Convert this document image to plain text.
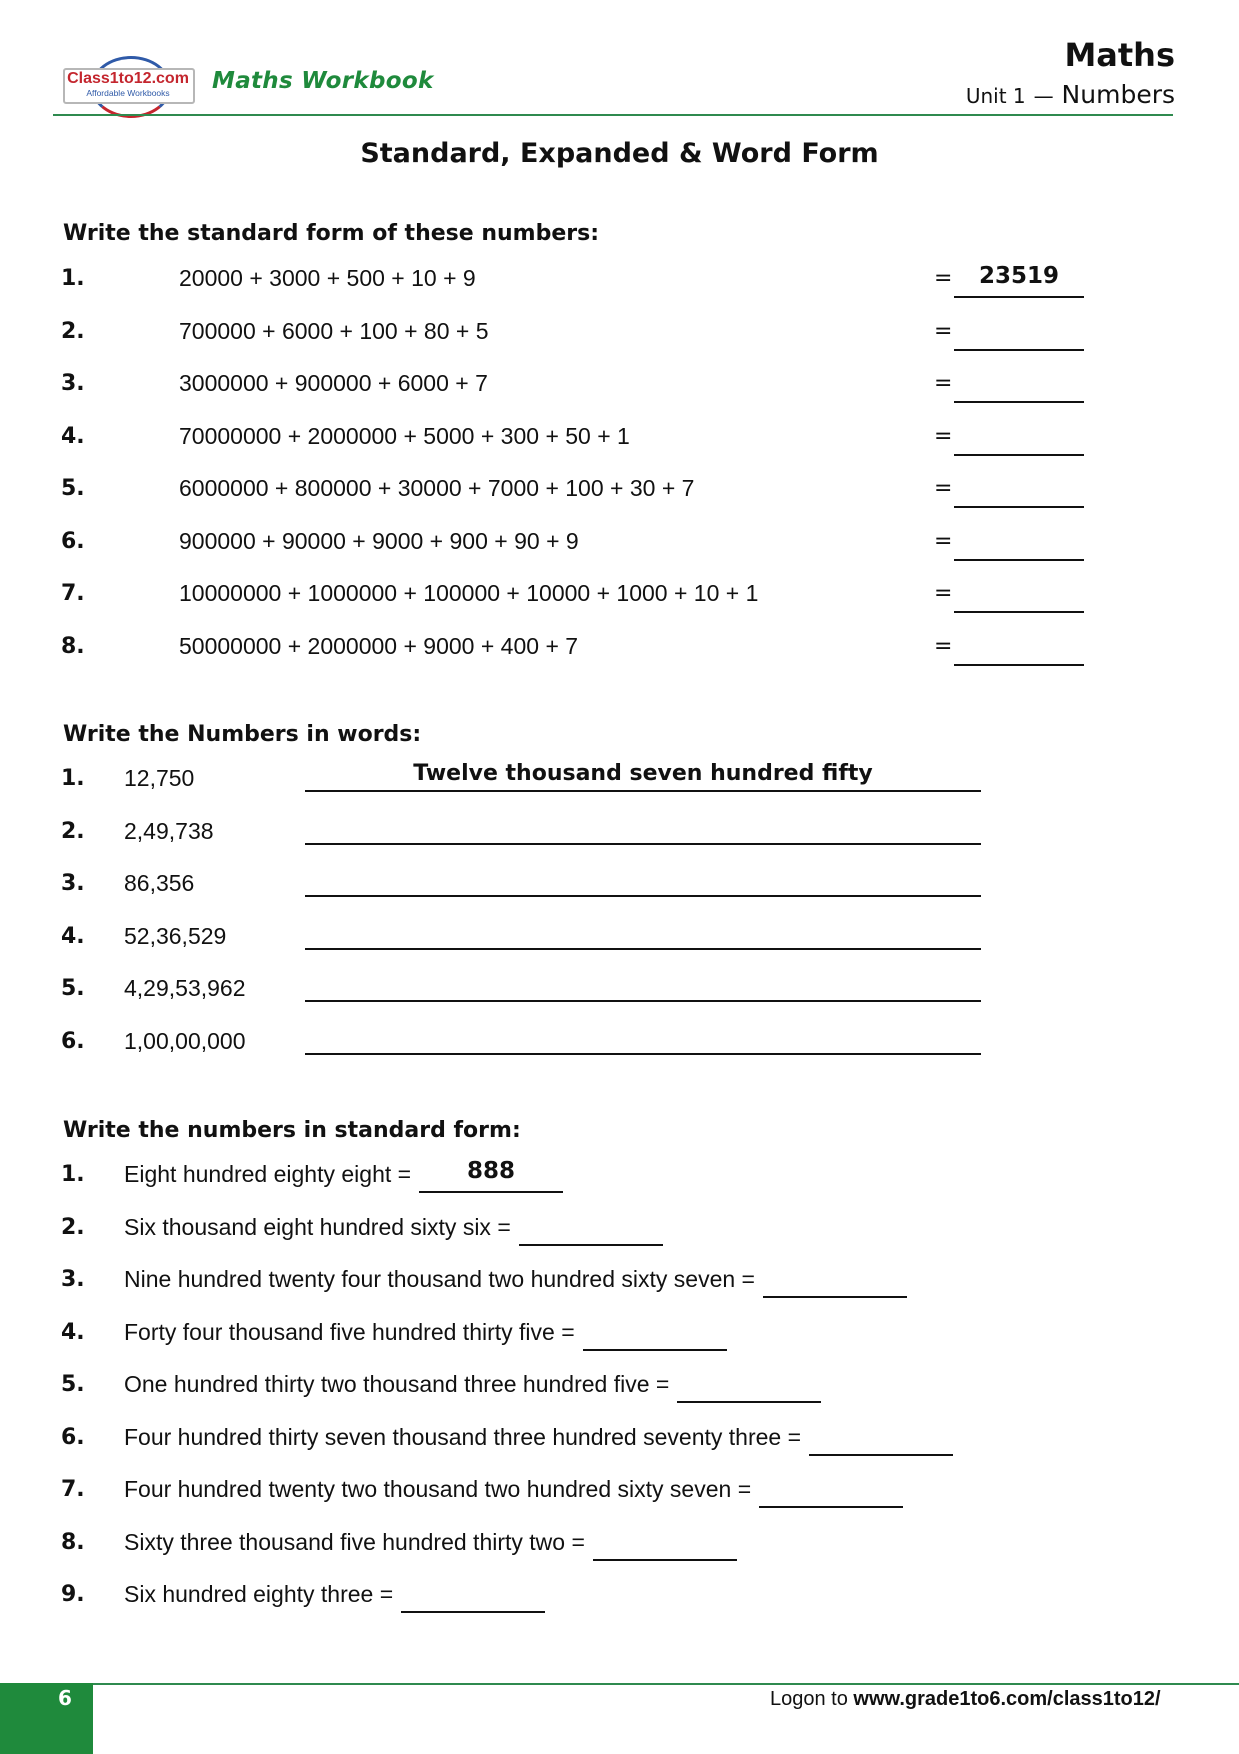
Class1to12.com
Affordable Workbooks	Maths Workbook
Maths
Unit 1 — Numbers
Standard, Expanded & Word Form
Write the standard form of these numbers:
1.	20000 + 3000 + 500 + 10 + 9	=	23519
2.	700000 + 6000 + 100 + 80 + 5	=
3.	3000000 + 900000 + 6000 + 7	=
4.	70000000 + 2000000 + 5000 + 300 + 50 + 1	=
5.	6000000 + 800000 + 30000 + 7000 + 100 + 30 + 7	=
6.	900000 + 90000 + 9000 + 900 + 90 + 9	=
7.	10000000 + 1000000 + 100000 + 10000 + 1000 + 10 + 1	=
8.	50000000 + 2000000 + 9000 + 400 + 7	=
Write the Numbers in words:
1. 12,750	Twelve thousand seven hundred fifty
2. 2,49,738
3. 86,356
4. 52,36,529
5. 4,29,53,962
6. 1,00,00,000
Write the numbers in standard form:
1. Eight hundred eighty eight =	888
2. Six thousand eight hundred sixty six =
3. Nine hundred twenty four thousand two hundred sixty seven =
4. Forty four thousand five hundred thirty five =
5. One hundred thirty two thousand three hundred five =
6. Four hundred thirty seven thousand three hundred seventy three =
7. Four hundred twenty two thousand two hundred sixty seven =
8. Sixty three thousand five hundred thirty two =
9. Six hundred eighty three =
6	Logon to www.grade1to6.com/class1to12/
